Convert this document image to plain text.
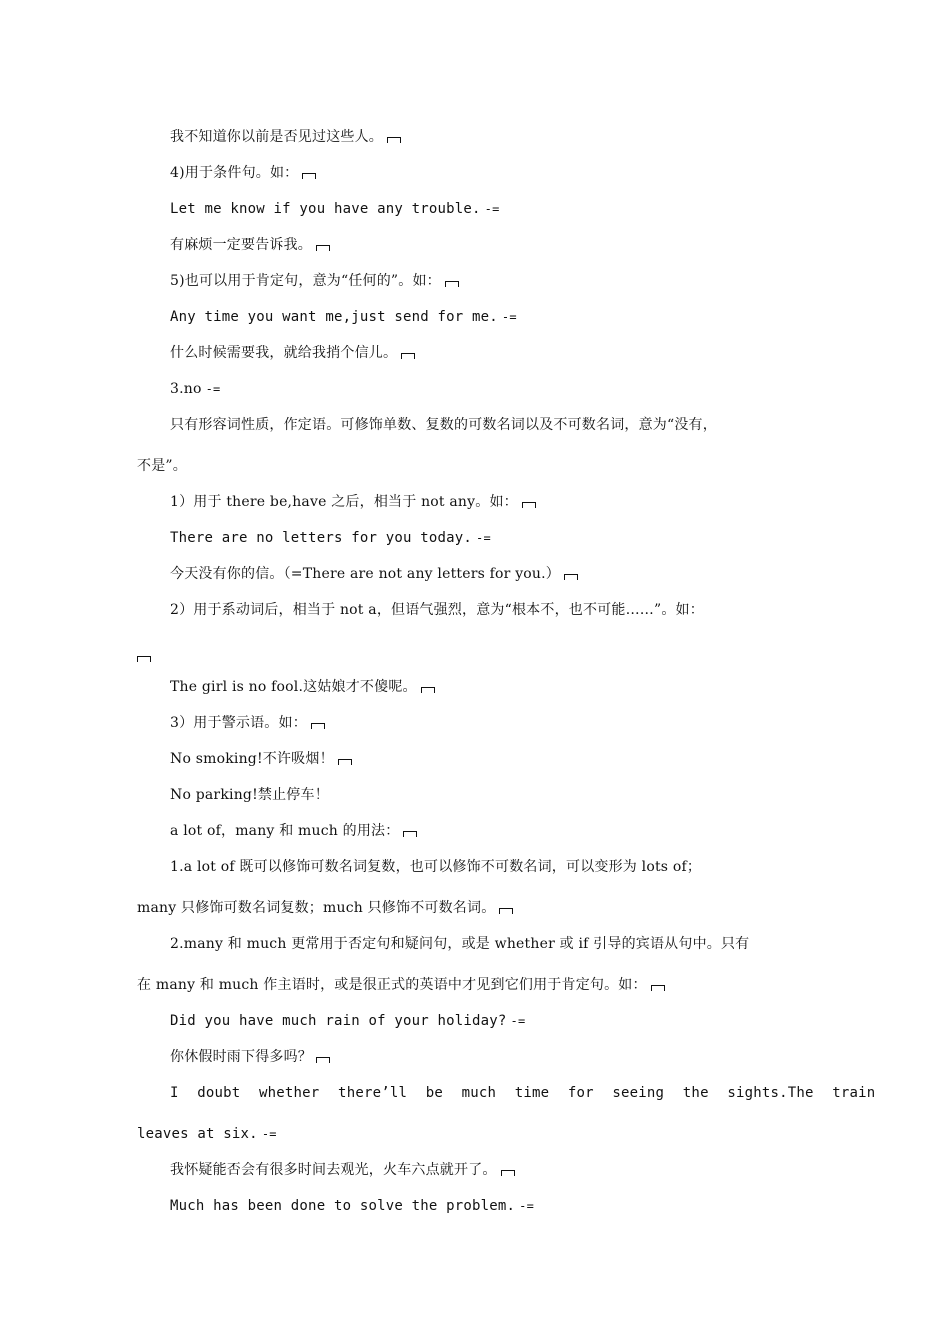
我不知道你以前是否见过这些人。
4)用于条件句。如：
Let me know if you have any trouble. -=
有麻烦一定要告诉我。
5)也可以用于肯定句，意为“任何的”。如：
Any time you want me,just send for me. -=
什么时候需要我，就给我捎个信儿。
3.no -=
只有形容词性质，作定语。可修饰单数、复数的可数名词以及不可数名词，意为“没有，
不是”。
1）用于 there be,have 之后，相当于 not any。如：
There are no letters for you today. -=
今天没有你的信。（=There are not any letters for you.）
2）用于系动词后，相当于 not a，但语气强烈，意为“根本不，也不可能……”。如：
The girl is no fool.这姑娘才不傻呢。
3）用于警示语。如：
No smoking!不许吸烟！
No parking!禁止停车！
a lot of，many 和 much 的用法：
1.a lot of 既可以修饰可数名词复数，也可以修饰不可数名词，可以变形为 lots of；
many 只修饰可数名词复数；much 只修饰不可数名词。
2.many 和 much 更常用于否定句和疑问句，或是 whether 或 if 引导的宾语从句中。只有
在 many 和 much 作主语时，或是很正式的英语中才见到它们用于肯定句。如：
Did you have much rain of your holiday? -=
你休假时雨下得多吗？
I doubt whether there’ll be much time for seeing the sights.The train
leaves at six. -=
我怀疑能否会有很多时间去观光，火车六点就开了。
Much has been done to solve the problem. -=
